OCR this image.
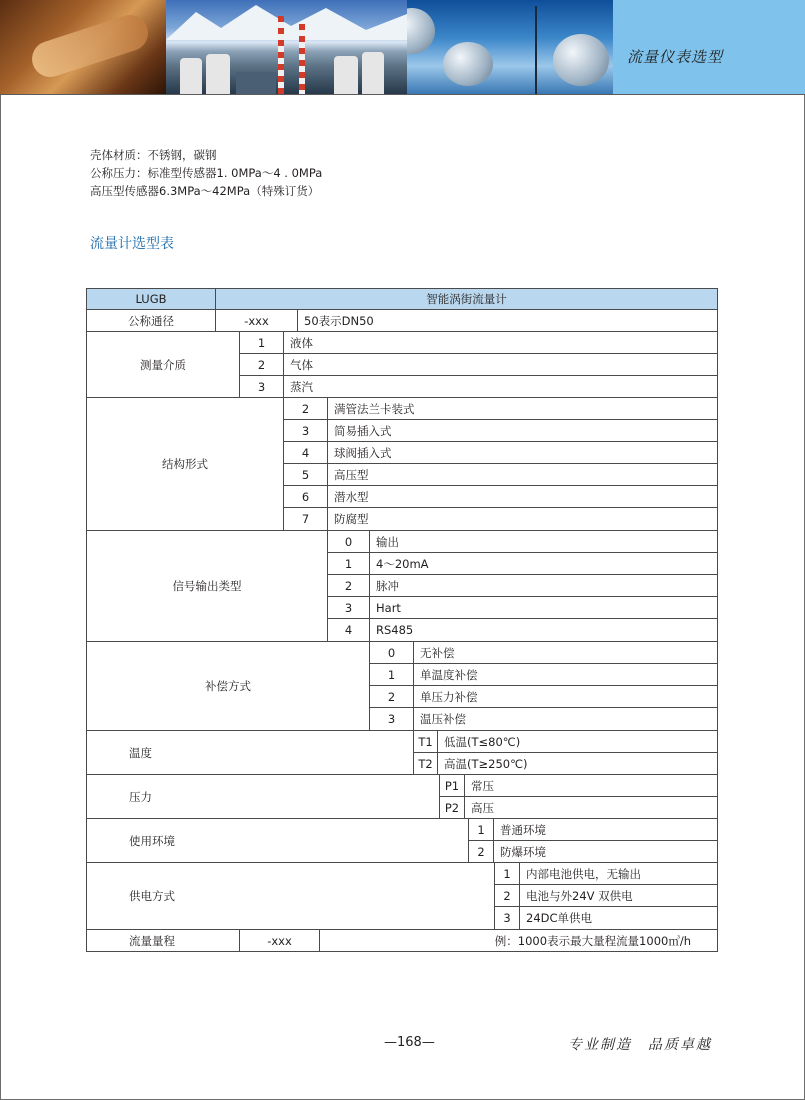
流量仪表选型
壳体材质：不锈钢，碳钢
公称压力：标准型传感器1. 0MPa～4 . 0MPa
高压型传感器6.3MPa～42MPa（特殊订货）
流量计选型表
LUGB	智能涡街流量计
公称通径	-xxx	50表示DN50
测量介质
1	液体
2	气体
3	蒸汽
结构形式
2	满管法兰卡装式
3	简易插入式
4	球阀插入式
5	高压型
6	潜水型
7	防腐型
信号输出类型
0	输出
1	4～20mA
2	脉冲
3	Hart
4	RS485
补偿方式
0	无补偿
1	单温度补偿
2	单压力补偿
3	温压补偿
温度
T1 低温(T≤80℃)
T2 高温(T≥250℃)
压力
P1	常压
P2	高压
使用环境
1	普通环境
2	防爆环境
供电方式
1	内部电池供电，无输出
2	电池与外24V 双供电
3	24DC单供电
流量量程	-xxx	例：1000表示最大量程流量1000㎥/h
—168—	专业制造　品质卓越
